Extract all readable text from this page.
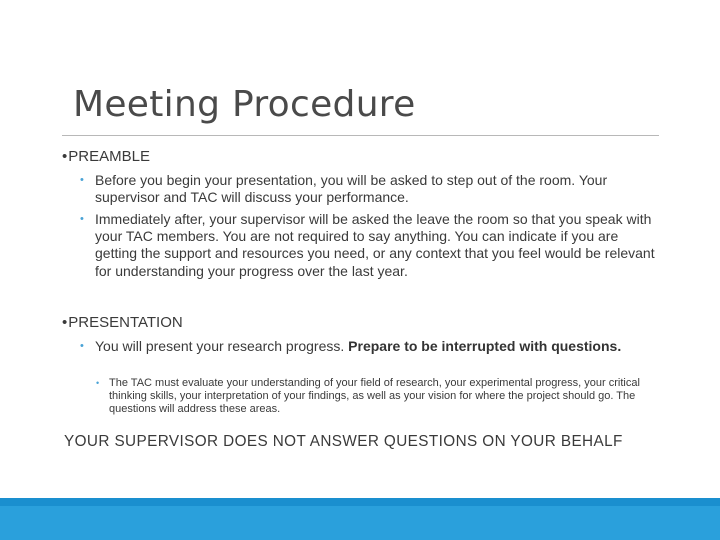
Meeting Procedure
•PREAMBLE
• Before you begin your presentation, you will be asked to step out of the room. Your supervisor and TAC will discuss your performance.
• Immediately after, your supervisor will be asked the leave the room so that you speak with your TAC members. You are not required to say anything. You can indicate if you are getting the support and resources you need, or any context that you feel would be relevant for understanding your progress over the last year.
•PRESENTATION
• You will present your research progress. Prepare to be interrupted with questions.
• The TAC must evaluate your understanding of your field of research, your experimental progress, your critical thinking skills, your interpretation of your findings, as well as your vision for where the project should go. The questions will address these areas.
YOUR SUPERVISOR DOES NOT ANSWER QUESTIONS ON YOUR BEHALF
